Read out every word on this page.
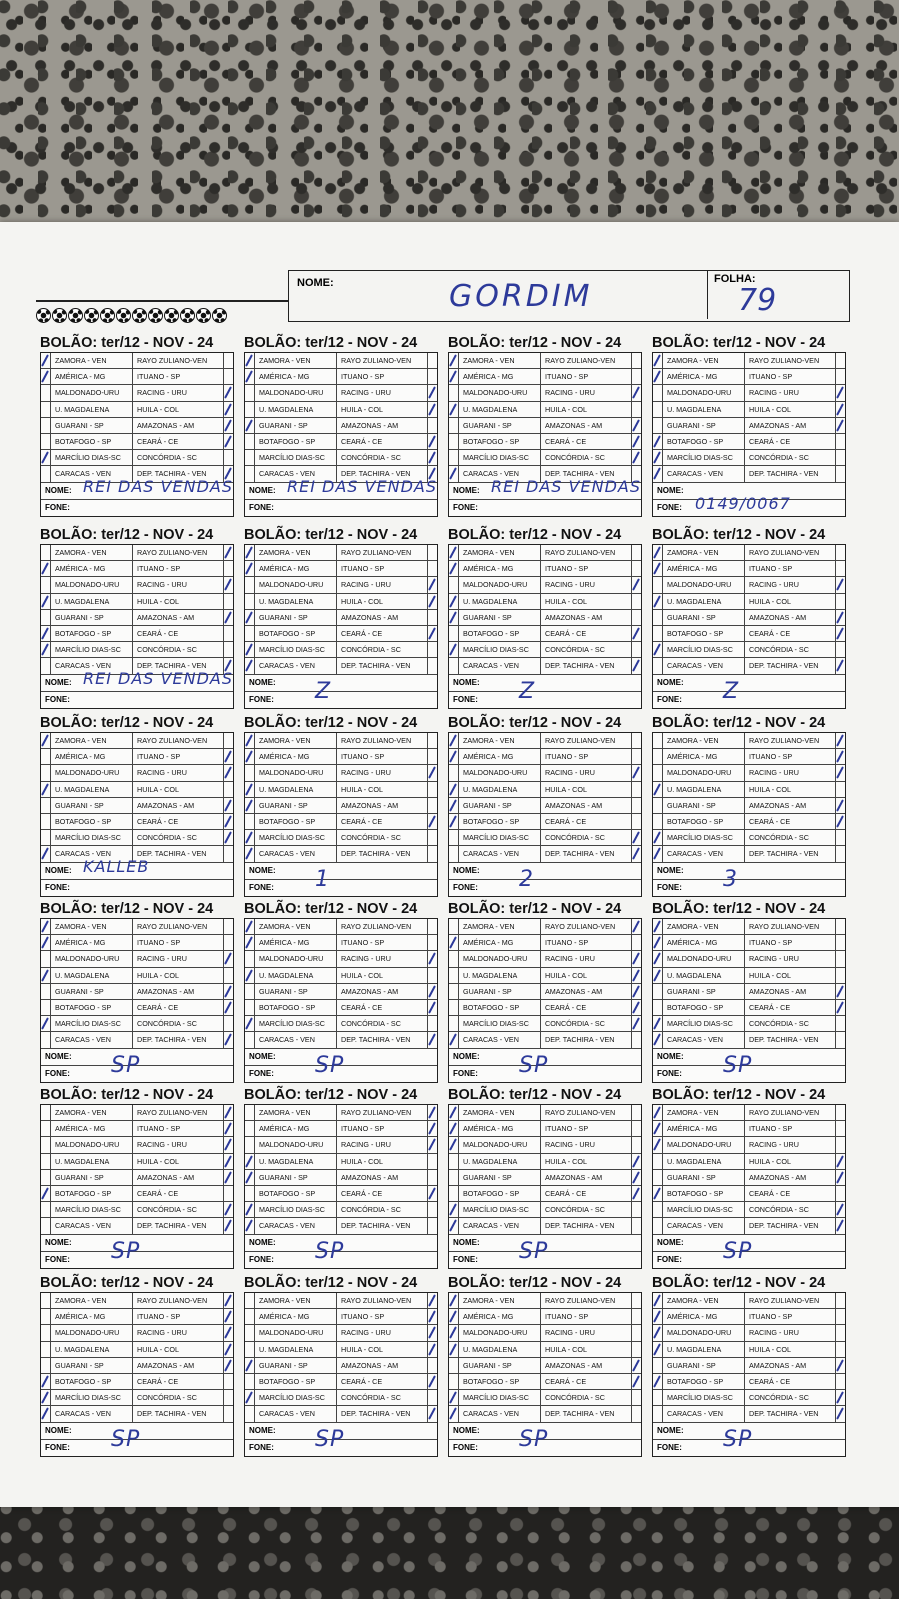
NOME:	GORDIM	FOLHA:
79
BOLÃO: ter/12 - NOV - 24
ZAMORA - VEN	RAYO ZULIANO-VEN
AMÉRICA - MG	ITUANO - SP
MALDONADO-URU	RACING - URU
U. MAGDALENA	HUILA - COL
GUARANI - SP	AMAZONAS - AM
BOTAFOGO - SP	CEARÁ - CE
MARCÍLIO DIAS-SC	CONCÓRDIA - SC
CARACAS - VEN	DEP. TACHIRA - VEN
NOME: REI DAS VENDAS
FONE:
BOLÃO: ter/12 - NOV - 24
ZAMORA - VEN	RAYO ZULIANO-VEN
AMÉRICA - MG	ITUANO - SP
MALDONADO-URU	RACING - URU
U. MAGDALENA	HUILA - COL
GUARANI - SP	AMAZONAS - AM
BOTAFOGO - SP	CEARÁ - CE
MARCÍLIO DIAS-SC	CONCÓRDIA - SC
CARACAS - VEN	DEP. TACHIRA - VEN
NOME: REI DAS VENDAS
FONE:
BOLÃO: ter/12 - NOV - 24
ZAMORA - VEN	RAYO ZULIANO-VEN
AMÉRICA - MG	ITUANO - SP
MALDONADO-URU	RACING - URU
U. MAGDALENA	HUILA - COL
GUARANI - SP	AMAZONAS - AM
BOTAFOGO - SP	CEARÁ - CE
MARCÍLIO DIAS-SC	CONCÓRDIA - SC
CARACAS - VEN	DEP. TACHIRA - VEN
NOME: REI DAS VENDAS
FONE:
BOLÃO: ter/12 - NOV - 24
ZAMORA - VEN	RAYO ZULIANO-VEN
AMÉRICA - MG	ITUANO - SP
MALDONADO-URU	RACING - URU
U. MAGDALENA	HUILA - COL
GUARANI - SP	AMAZONAS - AM
BOTAFOGO - SP	CEARÁ - CE
MARCÍLIO DIAS-SC	CONCÓRDIA - SC
CARACAS - VEN	DEP. TACHIRA - VEN
NOME:
FONE: 0149/0067
BOLÃO: ter/12 - NOV - 24
ZAMORA - VEN	RAYO ZULIANO-VEN
AMÉRICA - MG	ITUANO - SP
MALDONADO-URU	RACING - URU
U. MAGDALENA	HUILA - COL
GUARANI - SP	AMAZONAS - AM
BOTAFOGO - SP	CEARÁ - CE
MARCÍLIO DIAS-SC	CONCÓRDIA - SC
CARACAS - VEN	DEP. TACHIRA - VEN
NOME: REI DAS VENDAS
FONE:
BOLÃO: ter/12 - NOV - 24
ZAMORA - VEN	RAYO ZULIANO-VEN
AMÉRICA - MG	ITUANO - SP
MALDONADO-URU	RACING - URU
U. MAGDALENA	HUILA - COL
GUARANI - SP	AMAZONAS - AM
BOTAFOGO - SP	CEARÁ - CE
MARCÍLIO DIAS-SC	CONCÓRDIA - SC
CARACAS - VEN	DEP. TACHIRA - VEN
NOME:
FONE: Z
BOLÃO: ter/12 - NOV - 24
ZAMORA - VEN	RAYO ZULIANO-VEN
AMÉRICA - MG	ITUANO - SP
MALDONADO-URU	RACING - URU
U. MAGDALENA	HUILA - COL
GUARANI - SP	AMAZONAS - AM
BOTAFOGO - SP	CEARÁ - CE
MARCÍLIO DIAS-SC	CONCÓRDIA - SC
CARACAS - VEN	DEP. TACHIRA - VEN
NOME:
FONE: Z
BOLÃO: ter/12 - NOV - 24
ZAMORA - VEN	RAYO ZULIANO-VEN
AMÉRICA - MG	ITUANO - SP
MALDONADO-URU	RACING - URU
U. MAGDALENA	HUILA - COL
GUARANI - SP	AMAZONAS - AM
BOTAFOGO - SP	CEARÁ - CE
MARCÍLIO DIAS-SC	CONCÓRDIA - SC
CARACAS - VEN	DEP. TACHIRA - VEN
NOME:
FONE: Z
BOLÃO: ter/12 - NOV - 24
ZAMORA - VEN	RAYO ZULIANO-VEN
AMÉRICA - MG	ITUANO - SP
MALDONADO-URU	RACING - URU
U. MAGDALENA	HUILA - COL
GUARANI - SP	AMAZONAS - AM
BOTAFOGO - SP	CEARÁ - CE
MARCÍLIO DIAS-SC	CONCÓRDIA - SC
CARACAS - VEN	DEP. TACHIRA - VEN
NOME: KALLEB
FONE:
BOLÃO: ter/12 - NOV - 24
ZAMORA - VEN	RAYO ZULIANO-VEN
AMÉRICA - MG	ITUANO - SP
MALDONADO-URU	RACING - URU
U. MAGDALENA	HUILA - COL
GUARANI - SP	AMAZONAS - AM
BOTAFOGO - SP	CEARÁ - CE
MARCÍLIO DIAS-SC	CONCÓRDIA - SC
CARACAS - VEN	DEP. TACHIRA - VEN
NOME:
FONE: 1
BOLÃO: ter/12 - NOV - 24
ZAMORA - VEN	RAYO ZULIANO-VEN
AMÉRICA - MG	ITUANO - SP
MALDONADO-URU	RACING - URU
U. MAGDALENA	HUILA - COL
GUARANI - SP	AMAZONAS - AM
BOTAFOGO - SP	CEARÁ - CE
MARCÍLIO DIAS-SC	CONCÓRDIA - SC
CARACAS - VEN	DEP. TACHIRA - VEN
NOME:
FONE: 2
BOLÃO: ter/12 - NOV - 24
ZAMORA - VEN	RAYO ZULIANO-VEN
AMÉRICA - MG	ITUANO - SP
MALDONADO-URU	RACING - URU
U. MAGDALENA	HUILA - COL
GUARANI - SP	AMAZONAS - AM
BOTAFOGO - SP	CEARÁ - CE
MARCÍLIO DIAS-SC	CONCÓRDIA - SC
CARACAS - VEN	DEP. TACHIRA - VEN
NOME:
FONE: 3
BOLÃO: ter/12 - NOV - 24
ZAMORA - VEN	RAYO ZULIANO-VEN
AMÉRICA - MG	ITUANO - SP
MALDONADO-URU	RACING - URU
U. MAGDALENA	HUILA - COL
GUARANI - SP	AMAZONAS - AM
BOTAFOGO - SP	CEARÁ - CE
MARCÍLIO DIAS-SC	CONCÓRDIA - SC
CARACAS - VEN	DEP. TACHIRA - VEN
NOME:
FONE: SP
BOLÃO: ter/12 - NOV - 24
ZAMORA - VEN	RAYO ZULIANO-VEN
AMÉRICA - MG	ITUANO - SP
MALDONADO-URU	RACING - URU
U. MAGDALENA	HUILA - COL
GUARANI - SP	AMAZONAS - AM
BOTAFOGO - SP	CEARÁ - CE
MARCÍLIO DIAS-SC	CONCÓRDIA - SC
CARACAS - VEN	DEP. TACHIRA - VEN
NOME:
FONE: SP
BOLÃO: ter/12 - NOV - 24
ZAMORA - VEN	RAYO ZULIANO-VEN
AMÉRICA - MG	ITUANO - SP
MALDONADO-URU	RACING - URU
U. MAGDALENA	HUILA - COL
GUARANI - SP	AMAZONAS - AM
BOTAFOGO - SP	CEARÁ - CE
MARCÍLIO DIAS-SC	CONCÓRDIA - SC
CARACAS - VEN	DEP. TACHIRA - VEN
NOME:
FONE: SP
BOLÃO: ter/12 - NOV - 24
ZAMORA - VEN	RAYO ZULIANO-VEN
AMÉRICA - MG	ITUANO - SP
MALDONADO-URU	RACING - URU
U. MAGDALENA	HUILA - COL
GUARANI - SP	AMAZONAS - AM
BOTAFOGO - SP	CEARÁ - CE
MARCÍLIO DIAS-SC	CONCÓRDIA - SC
CARACAS - VEN	DEP. TACHIRA - VEN
NOME:
FONE: SP
BOLÃO: ter/12 - NOV - 24
ZAMORA - VEN	RAYO ZULIANO-VEN
AMÉRICA - MG	ITUANO - SP
MALDONADO-URU	RACING - URU
U. MAGDALENA	HUILA - COL
GUARANI - SP	AMAZONAS - AM
BOTAFOGO - SP	CEARÁ - CE
MARCÍLIO DIAS-SC	CONCÓRDIA - SC
CARACAS - VEN	DEP. TACHIRA - VEN
NOME:
FONE: SP
BOLÃO: ter/12 - NOV - 24
ZAMORA - VEN	RAYO ZULIANO-VEN
AMÉRICA - MG	ITUANO - SP
MALDONADO-URU	RACING - URU
U. MAGDALENA	HUILA - COL
GUARANI - SP	AMAZONAS - AM
BOTAFOGO - SP	CEARÁ - CE
MARCÍLIO DIAS-SC	CONCÓRDIA - SC
CARACAS - VEN	DEP. TACHIRA - VEN
NOME:
FONE: SP
BOLÃO: ter/12 - NOV - 24
ZAMORA - VEN	RAYO ZULIANO-VEN
AMÉRICA - MG	ITUANO - SP
MALDONADO-URU	RACING - URU
U. MAGDALENA	HUILA - COL
GUARANI - SP	AMAZONAS - AM
BOTAFOGO - SP	CEARÁ - CE
MARCÍLIO DIAS-SC	CONCÓRDIA - SC
CARACAS - VEN	DEP. TACHIRA - VEN
NOME:
FONE: SP
BOLÃO: ter/12 - NOV - 24
ZAMORA - VEN	RAYO ZULIANO-VEN
AMÉRICA - MG	ITUANO - SP
MALDONADO-URU	RACING - URU
U. MAGDALENA	HUILA - COL
GUARANI - SP	AMAZONAS - AM
BOTAFOGO - SP	CEARÁ - CE
MARCÍLIO DIAS-SC	CONCÓRDIA - SC
CARACAS - VEN	DEP. TACHIRA - VEN
NOME:
FONE: SP
BOLÃO: ter/12 - NOV - 24
ZAMORA - VEN	RAYO ZULIANO-VEN
AMÉRICA - MG	ITUANO - SP
MALDONADO-URU	RACING - URU
U. MAGDALENA	HUILA - COL
GUARANI - SP	AMAZONAS - AM
BOTAFOGO - SP	CEARÁ - CE
MARCÍLIO DIAS-SC	CONCÓRDIA - SC
CARACAS - VEN	DEP. TACHIRA - VEN
NOME:
FONE: SP
BOLÃO: ter/12 - NOV - 24
ZAMORA - VEN	RAYO ZULIANO-VEN
AMÉRICA - MG	ITUANO - SP
MALDONADO-URU	RACING - URU
U. MAGDALENA	HUILA - COL
GUARANI - SP	AMAZONAS - AM
BOTAFOGO - SP	CEARÁ - CE
MARCÍLIO DIAS-SC	CONCÓRDIA - SC
CARACAS - VEN	DEP. TACHIRA - VEN
NOME:
FONE: SP
BOLÃO: ter/12 - NOV - 24
ZAMORA - VEN	RAYO ZULIANO-VEN
AMÉRICA - MG	ITUANO - SP
MALDONADO-URU	RACING - URU
U. MAGDALENA	HUILA - COL
GUARANI - SP	AMAZONAS - AM
BOTAFOGO - SP	CEARÁ - CE
MARCÍLIO DIAS-SC	CONCÓRDIA - SC
CARACAS - VEN	DEP. TACHIRA - VEN
NOME:
FONE: SP
BOLÃO: ter/12 - NOV - 24
ZAMORA - VEN	RAYO ZULIANO-VEN
AMÉRICA - MG	ITUANO - SP
MALDONADO-URU	RACING - URU
U. MAGDALENA	HUILA - COL
GUARANI - SP	AMAZONAS - AM
BOTAFOGO - SP	CEARÁ - CE
MARCÍLIO DIAS-SC	CONCÓRDIA - SC
CARACAS - VEN	DEP. TACHIRA - VEN
NOME:
FONE: SP
